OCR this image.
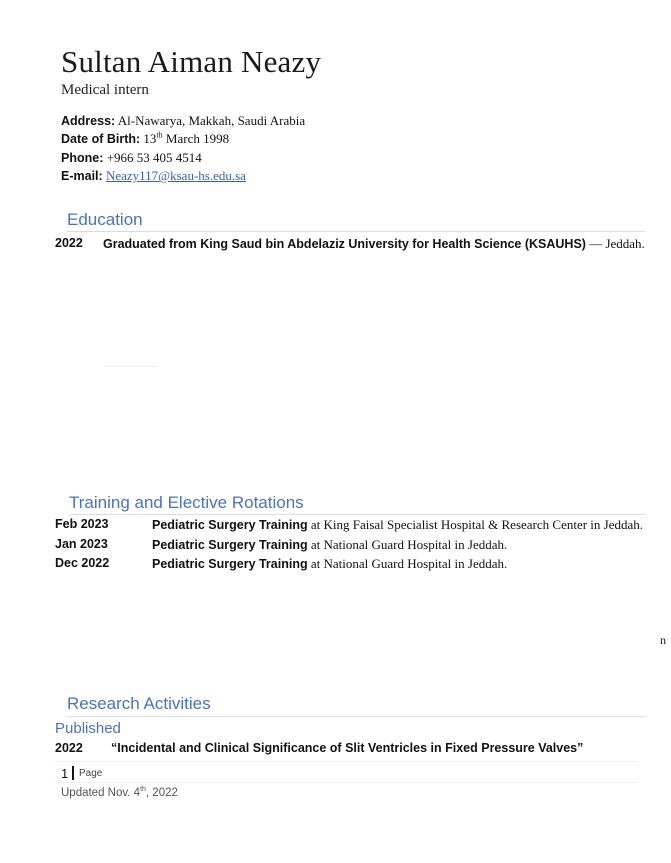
Sultan Aiman Neazy
Medical intern
Address: Al-Nawarya, Makkah, Saudi Arabia
Date of Birth: 13th March 1998
Phone: +966 53 405 4514
E-mail: Neazy117@ksau-hs.edu.sa
Education
2022 Graduated from King Saud bin Abdelaziz University for Health Science (KSAUHS) — Jeddah.
Training and Elective Rotations
Feb 2023	Pediatric Surgery Training at King Faisal Specialist Hospital & Research Center in Jeddah.
Jan 2023	Pediatric Surgery Training at National Guard Hospital in Jeddah.
Dec 2022	Pediatric Surgery Training at National Guard Hospital in Jeddah.
n
Research Activities
Published
2022 “Incidental and Clinical Significance of Slit Ventricles in Fixed Pressure Valves”
1 Page
Updated Nov. 4th, 2022
